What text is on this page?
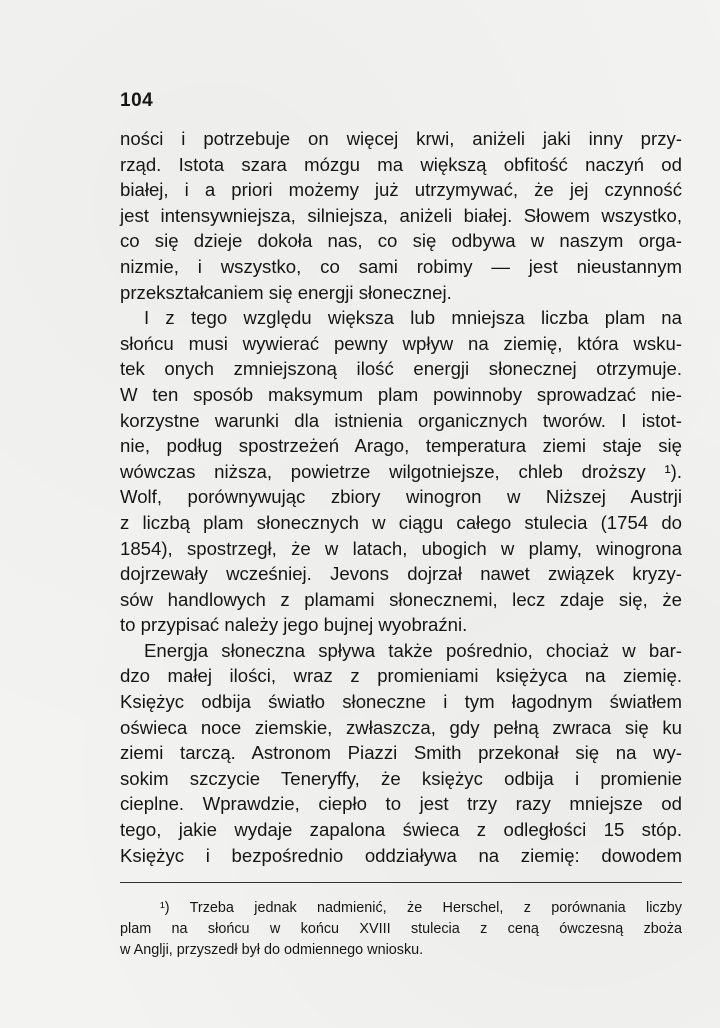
104
ności i potrzebuje on więcej krwi, aniżeli jaki inny przy-
rząd. Istota szara mózgu ma większą obfitość naczyń od
białej, i a priori możemy już utrzymywać, że jej czynność
jest intensywniejsza, silniejsza, aniżeli białej. Słowem wszystko,
co się dzieje dokoła nas, co się odbywa w naszym orga-
nizmie, i wszystko, co sami robimy — jest nieustannym
przekształcaniem się energji słonecznej.
I z tego względu większa lub mniejsza liczba plam na
słońcu musi wywierać pewny wpływ na ziemię, która wsku-
tek onych zmniejszoną ilość energji słonecznej otrzymuje.
W ten sposób maksymum plam powinnoby sprowadzać nie-
korzystne warunki dla istnienia organicznych tworów. I istot-
nie, podług spostrzeżeń Arago, temperatura ziemi staje się
wówczas niższa, powietrze wilgotniejsze, chleb droższy ¹).
Wolf, porównywując zbiory winogron w Niższej Austrji
z liczbą plam słonecznych w ciągu całego stulecia (1754 do
1854), spostrzegł, że w latach, ubogich w plamy, winogrona
dojrzewały wcześniej. Jevons dojrzał nawet związek kryzy-
sów handlowych z plamami słonecznemi, lecz zdaje się, że
to przypisać należy jego bujnej wyobraźni.
Energja słoneczna spływa także pośrednio, chociaż w bar-
dzo małej ilości, wraz z promieniami księżyca na ziemię.
Księżyc odbija światło słoneczne i tym łagodnym światłem
oświeca noce ziemskie, zwłaszcza, gdy pełną zwraca się ku
ziemi tarczą. Astronom Piazzi Smith przekonał się na wy-
sokim szczycie Teneryffy, że księżyc odbija i promienie
cieplne. Wprawdzie, ciepło to jest trzy razy mniejsze od
tego, jakie wydaje zapalona świeca z odległości 15 stóp.
Księżyc i bezpośrednio oddziaływa na ziemię: dowodem
¹) Trzeba jednak nadmienić, że Herschel, z porównania liczby
plam na słońcu w końcu XVIII stulecia z ceną ówczesną zboża
w Anglji, przyszedł był do odmiennego wniosku.
